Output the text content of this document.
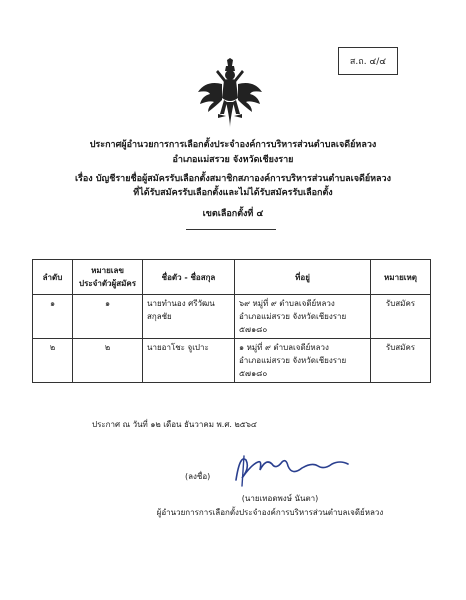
ส.ถ. ๔/๔
ประกาศผู้อำนวยการการเลือกตั้งประจำองค์การบริหารส่วนตำบลเจดีย์หลวง
อำเภอแม่สรวย จังหวัดเชียงราย
เรื่อง บัญชีรายชื่อผู้สมัครรับเลือกตั้งสมาชิกสภาองค์การบริหารส่วนตำบลเจดีย์หลวง
ที่ได้รับสมัครรับเลือกตั้งและไม่ได้รับสมัครรับเลือกตั้ง
เขตเลือกตั้งที่ ๔
ลำดับ	หมายเลข
ประจำตัวผู้สมัคร	ชื่อตัว - ชื่อสกุล	ที่อยู่	หมายเหตุ
๑	๑	นายทำนอง ศรีวัฒนสกุลชัย	๖๙ หมู่ที่ ๙ ตำบลเจดีย์หลวง
อำเภอแม่สรวย จังหวัดเชียงราย
๕๗๑๘๐	รับสมัคร
๒	๒	นายอาโชะ จูเปาะ	๑ หมู่ที่ ๙ ตำบลเจดีย์หลวง
อำเภอแม่สรวย จังหวัดเชียงราย
๕๗๑๘๐	รับสมัคร
ประกาศ ณ วันที่ ๑๒ เดือน ธันวาคม พ.ศ. ๒๕๖๔
(ลงชื่อ)
(นายเทอดพงษ์ นันตา)
ผู้อำนวยการการเลือกตั้งประจำองค์การบริหารส่วนตำบลเจดีย์หลวง
